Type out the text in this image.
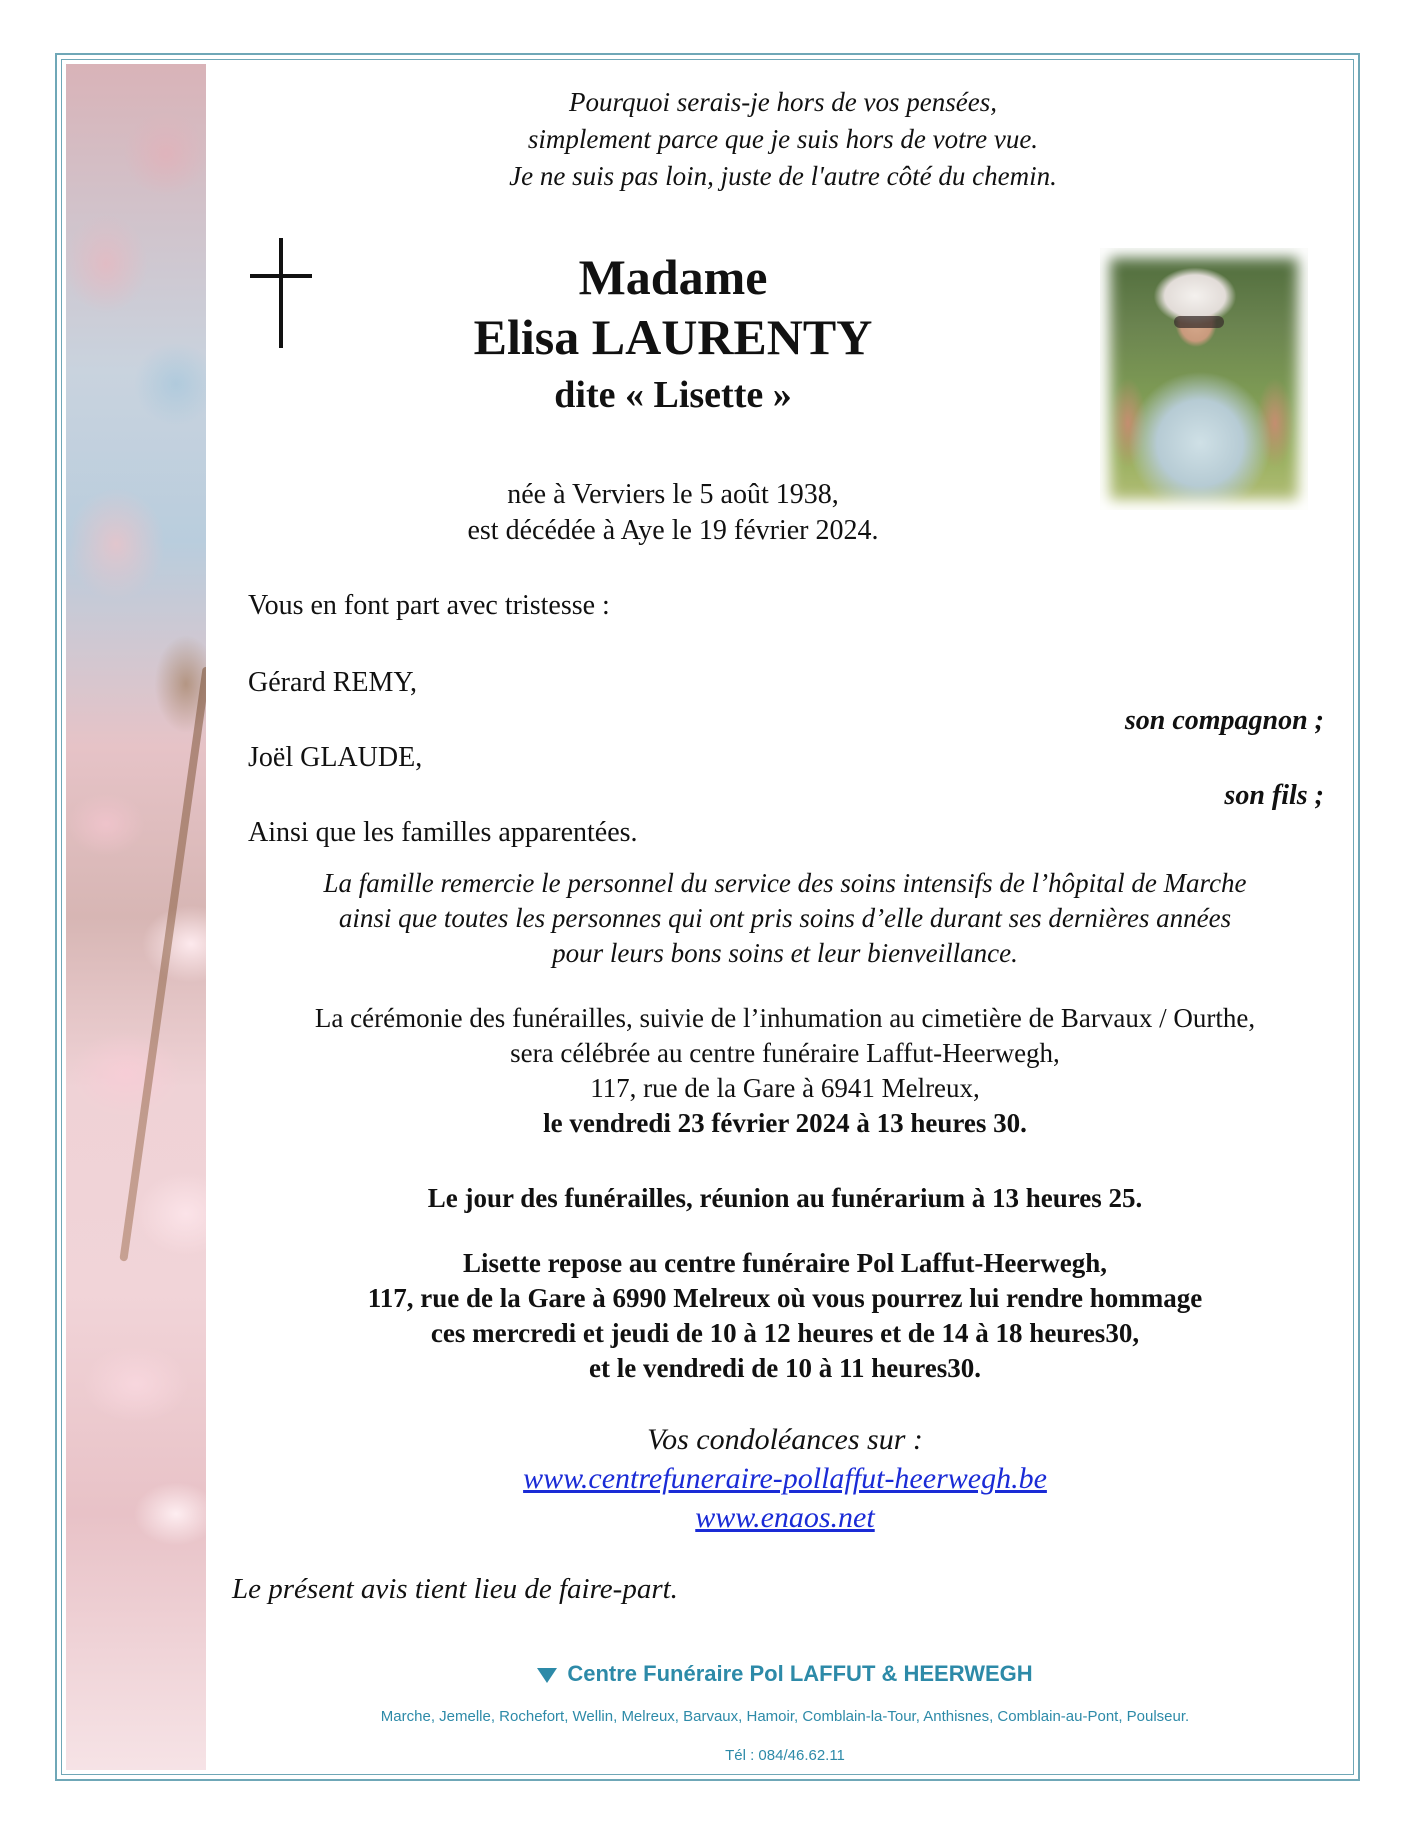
Pourquoi serais-je hors de vos pensées,
simplement parce que je suis hors de votre vue.
Je ne suis pas loin, juste de l'autre côté du chemin.
Madame
Elisa LAURENTY
dite « Lisette »
née à Verviers le 5 août 1938,
est décédée à Aye le 19 février 2024.
Vous en font part avec tristesse :
Gérard REMY,
son compagnon ;
Joël GLAUDE,
son fils ;
Ainsi que les familles apparentées.
La famille remercie le personnel du service des soins intensifs de l’hôpital de Marche
ainsi que toutes les personnes qui ont pris soins d’elle durant ses dernières années
pour leurs bons soins et leur bienveillance.
La cérémonie des funérailles, suivie de l’inhumation au cimetière de Barvaux / Ourthe,
sera célébrée au centre funéraire Laffut-Heerwegh,
117, rue de la Gare à 6941 Melreux,
le vendredi 23 février 2024 à 13 heures 30.
Le jour des funérailles, réunion au funérarium à 13 heures 25.
Lisette repose au centre funéraire Pol Laffut-Heerwegh,
117, rue de la Gare à 6990 Melreux où vous pourrez lui rendre hommage
ces mercredi et jeudi de 10 à 12 heures et de 14 à 18 heures30,
et le vendredi de 10 à 11 heures30.
Vos condoléances sur :
www.centrefuneraire-pollaffut-heerwegh.be
www.enaos.net
Le présent avis tient lieu de faire-part.
Centre Funéraire Pol LAFFUT & HEERWEGH
Marche, Jemelle, Rochefort, Wellin, Melreux, Barvaux, Hamoir, Comblain-la-Tour, Anthisnes, Comblain-au-Pont, Poulseur.
Tél : 084/46.62.11
